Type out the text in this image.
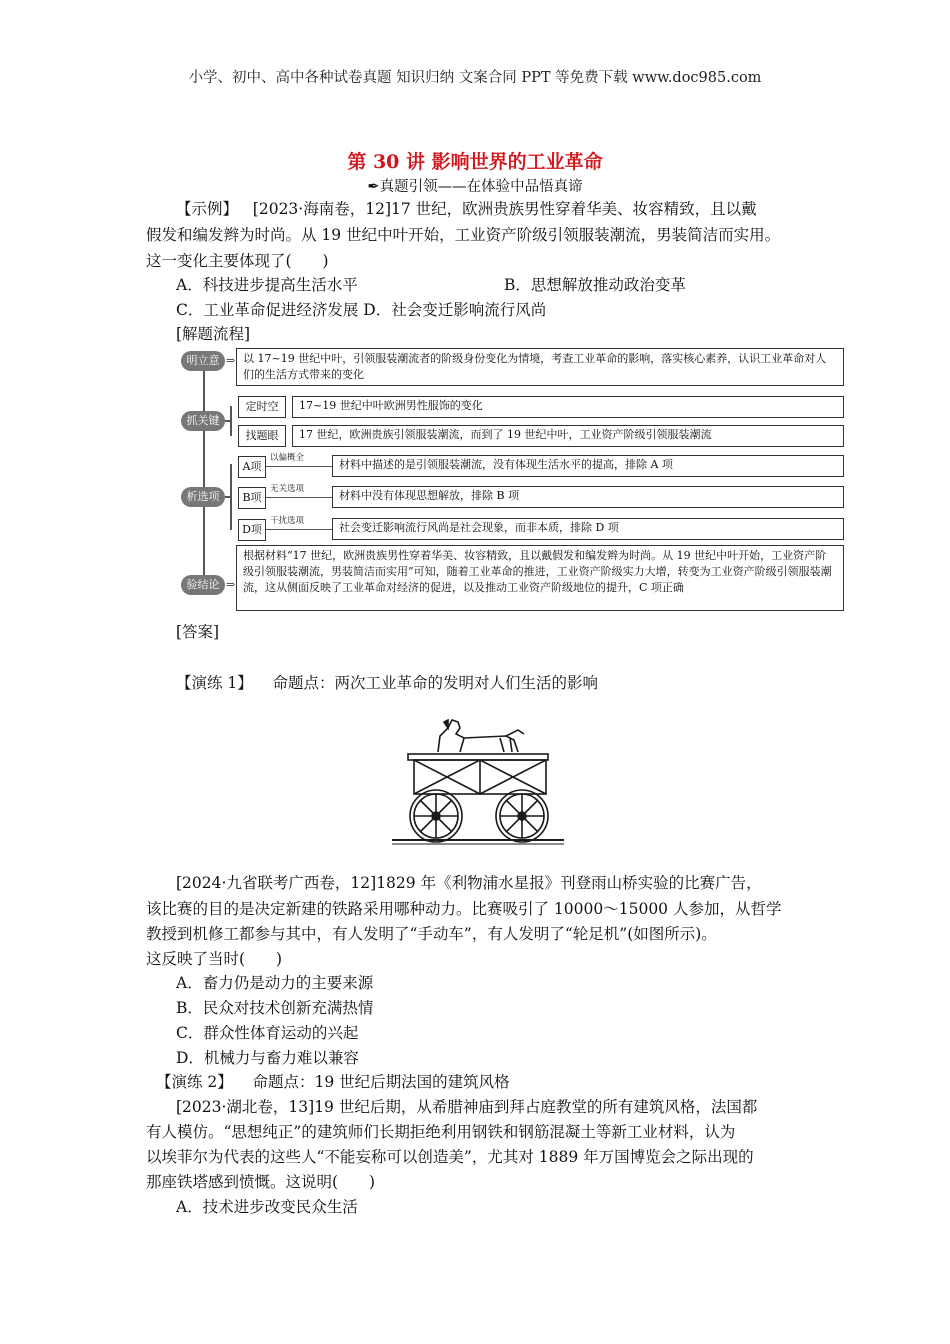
小学、初中、高中各种试卷真题 知识归纳 文案合同 PPT 等免费下载 www.doc985.com
第 30 讲 影响世界的工业革命
✒真题引领——在体验中品悟真谛
【示例】 [2023·海南卷，12]17 世纪，欧洲贵族男性穿着华美、妆容精致，且以戴
假发和编发辫为时尚。从 19 世纪中叶开始，工业资产阶级引领服装潮流，男装简洁而实用。
这一变化主要体现了(　　)
A．科技进步提高生活水平	B．思想解放推动政治变革
C．工业革命促进经济发展 D．社会变迁影响流行风尚
[解题流程]
明立意 ⇒ 以 17~19 世纪中叶，引领服装潮流者的阶级身份变化为情境，考查工业革命的影响，落实核心素养，认识工业革命对人们的生活方式带来的变化
抓关键
定时空	17~19 世纪中叶欧洲男性服饰的变化
找题眼	17 世纪，欧洲贵族引领服装潮流，而到了 19 世纪中叶，工业资产阶级引领服装潮流
析选项
A项
以偏概全	材料中描述的是引领服装潮流，没有体现生活水平的提高，排除 A 项
B项
无关选项	材料中没有体现思想解放，排除 B 项
D项
干扰选项	社会变迁影响流行风尚是社会现象，而非本质，排除 D 项
验结论 ⇒
根据材料“17 世纪，欧洲贵族男性穿着华美、妆容精致，且以戴假发和编发辫为时尚。从 19 世纪中叶开始，工业资产阶级引领服装潮流，男装简洁而实用”可知，随着工业革命的推进，工业资产阶级实力大增，转变为工业资产阶级引领服装潮流，这从侧面反映了工业革命对经济的促进，以及推动工业资产阶级地位的提升，C 项正确
[答案]
【演练 1】 命题点：两次工业革命的发明对人们生活的影响
[2024·九省联考广西卷，12]1829 年《利物浦水星报》刊登雨山桥实验的比赛广告，
该比赛的目的是决定新建的铁路采用哪种动力。比赛吸引了 10000～15000 人参加，从哲学
教授到机修工都参与其中，有人发明了“手动车”，有人发明了“轮足机”(如图所示)。
这反映了当时(　　)
A．畜力仍是动力的主要来源
B．民众对技术创新充满热情
C．群众性体育运动的兴起
D．机械力与畜力难以兼容
【演练 2】 命题点：19 世纪后期法国的建筑风格
[2023·湖北卷，13]19 世纪后期，从希腊神庙到拜占庭教堂的所有建筑风格，法国都
有人模仿。“思想纯正”的建筑师们长期拒绝利用钢铁和钢筋混凝土等新工业材料，认为
以埃菲尔为代表的这些人“不能妄称可以创造美”，尤其对 1889 年万国博览会之际出现的
那座铁塔感到愤慨。这说明(　　)
A．技术进步改变民众生活
